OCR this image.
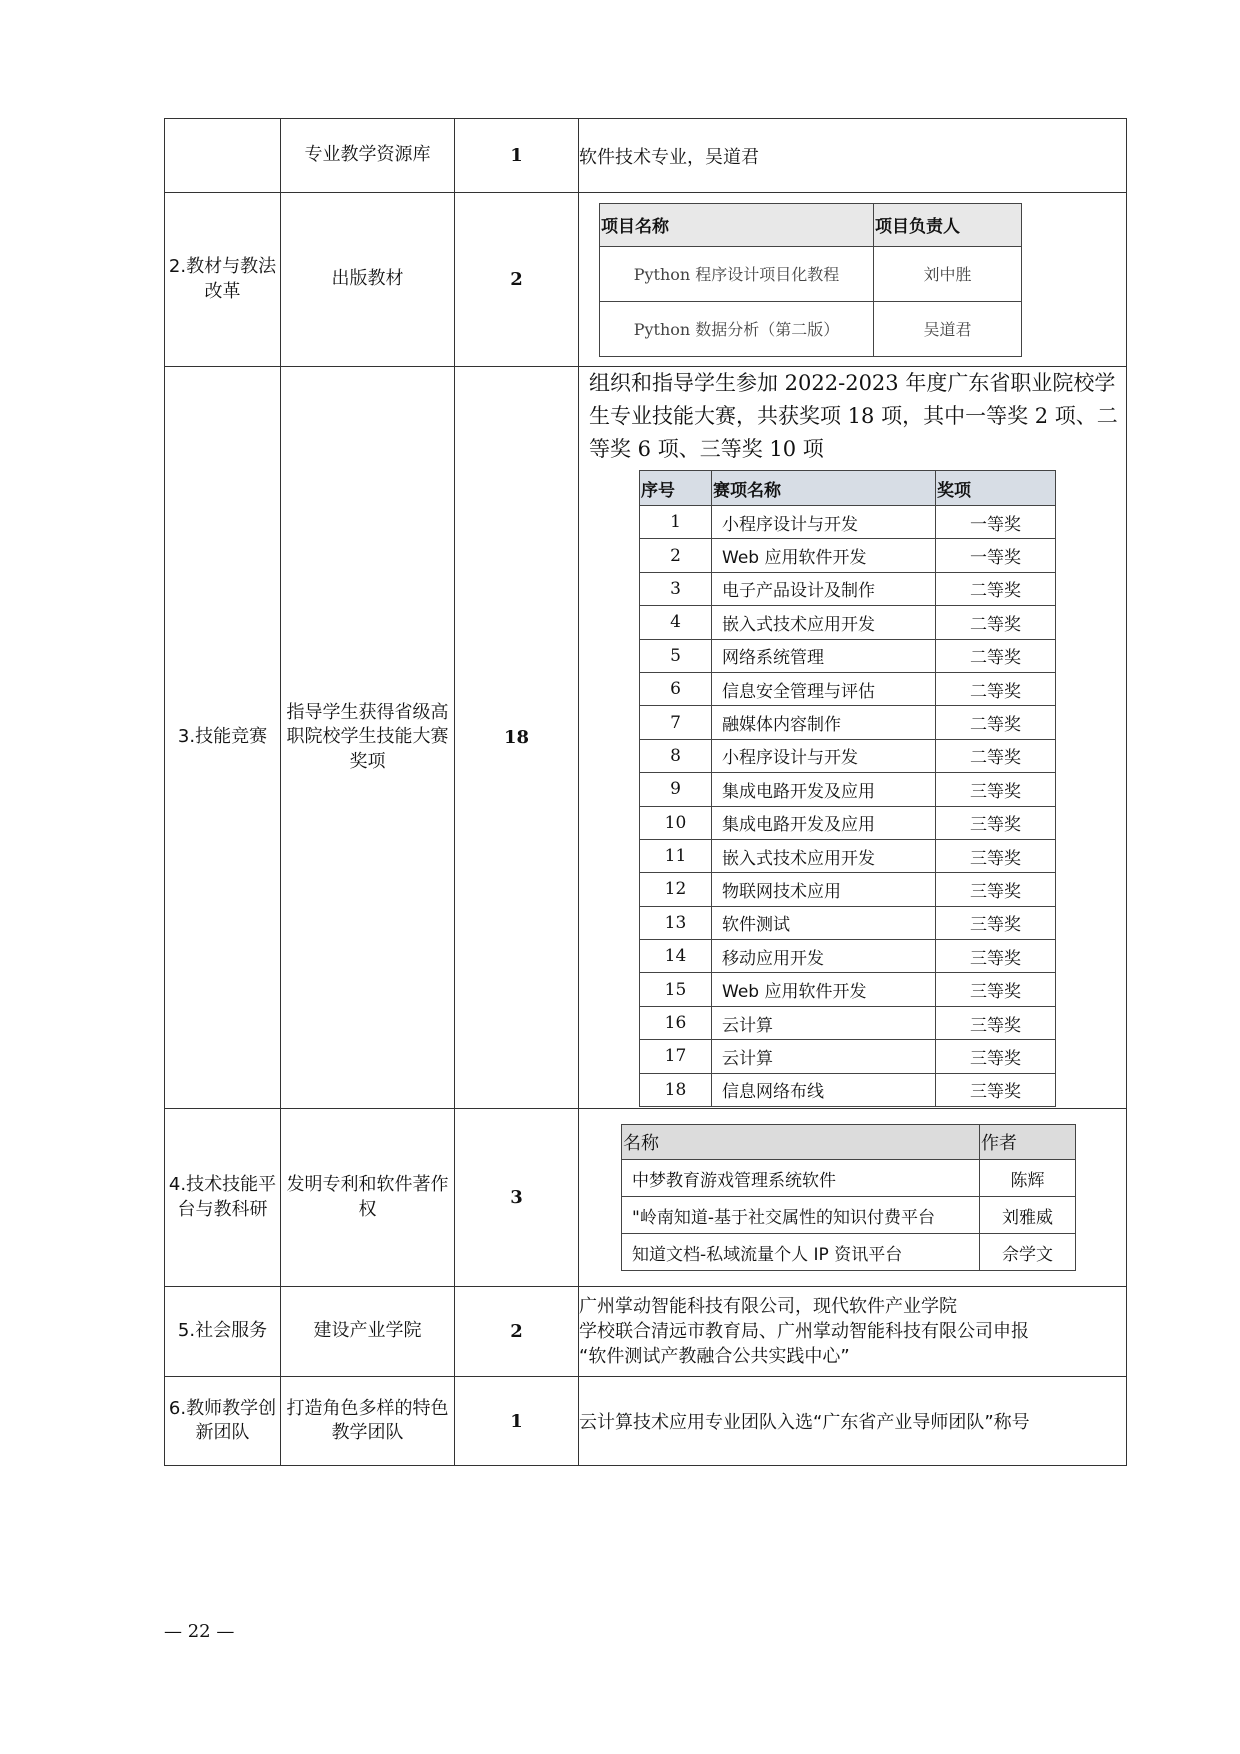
	专业教学资源库	1	软件技术专业，吴道君
2.教材与教法改革	出版教材	2	
项目名称	项目负责人
Python 程序设计项目化教程	刘中胜
Python 数据分析（第二版）	吴道君

3.技能竞赛	指导学生获得省级高职院校学生技能大赛奖项	18	
组织和指导学生参加 2022-2023 年度广东省职业院校学生专业技能大赛，共获奖项 18 项，其中一等奖 2 项、二等奖 6 项、三等奖 10 项
序号	赛项名称	奖项
1	小程序设计与开发	一等奖
2	Web 应用软件开发	一等奖
3	电子产品设计及制作	二等奖
4	嵌入式技术应用开发	二等奖
5	网络系统管理	二等奖
6	信息安全管理与评估	二等奖
7	融媒体内容制作	二等奖
8	小程序设计与开发	二等奖
9	集成电路开发及应用	三等奖
10	集成电路开发及应用	三等奖
11	嵌入式技术应用开发	三等奖
12	物联网技术应用	三等奖
13	软件测试	三等奖
14	移动应用开发	三等奖
15	Web 应用软件开发	三等奖
16	云计算	三等奖
17	云计算	三等奖
18	信息网络布线	三等奖

4.技术技能平台与教科研	发明专利和软件著作权	3	
名称	作者
中梦教育游戏管理系统软件	陈辉
"岭南知道-基于社交属性的知识付费平台	刘雅威
知道文档-私域流量个人 IP 资讯平台	佘学文

5.社会服务	建设产业学院	2	
广州掌动智能科技有限公司，现代软件产业学院
学校联合清远市教育局、广州掌动智能科技有限公司申报
“软件测试产教融合公共实践中心”

6.教师教学创新团队	打造角色多样的特色教学团队	1	云计算技术应用专业团队入选“广东省产业导师团队”称号
— 22 —
